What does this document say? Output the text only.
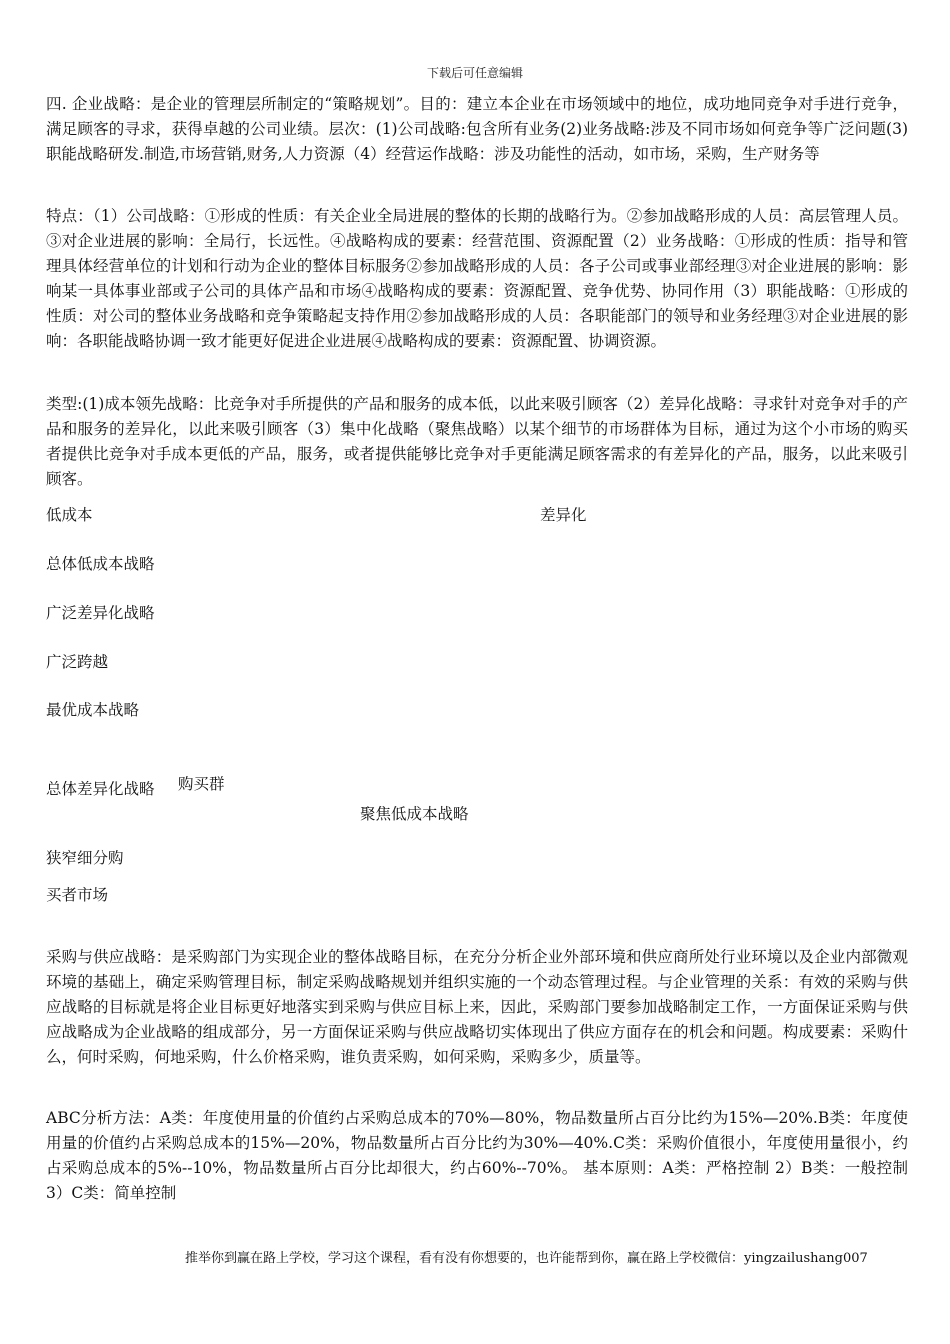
下载后可任意编辑

四. 企业战略：是企业的管理层所制定的“策略规划”。目的：建立本企业在市场领域中的地位，成功地同竞争对手进行竞争，满足顾客的寻求，获得卓越的公司业绩。层次：(1)公司战略:包含所有业务(2)业务战略:涉及不同市场如何竞争等广泛问题(3)职能战略研发.制造,市场营销,财务,人力资源（4）经营运作战略：涉及功能性的活动，如市场，采购，生产财务等

特点：（1）公司战略：①形成的性质：有关企业全局进展的整体的长期的战略行为。②参加战略形成的人员：高层管理人员。③对企业进展的影响：全局行，长远性。④战略构成的要素：经营范围、资源配置（2）业务战略：①形成的性质：指导和管理具体经营单位的计划和行动为企业的整体目标服务②参加战略形成的人员：各子公司或事业部经理③对企业进展的影响：影响某一具体事业部或子公司的具体产品和市场④战略构成的要素：资源配置、竞争优势、协同作用（3）职能战略：①形成的性质：对公司的整体业务战略和竞争策略起支持作用②参加战略形成的人员：各职能部门的领导和业务经理③对企业进展的影响：各职能战略协调一致才能更好促进企业进展④战略构成的要素：资源配置、协调资源。

类型:(1)成本领先战略：比竞争对手所提供的产品和服务的成本低，以此来吸引顾客（2）差异化战略：寻求针对竞争对手的产品和服务的差异化，以此来吸引顾客（3）集中化战略（聚焦战略）以某个细节的市场群体为目标，通过为这个小市场的购买者提供比竞争对手成本更低的产品，服务，或者提供能够比竞争对手更能满足顾客需求的有差异化的产品，服务，以此来吸引顾客。

低成本	差异化
总体低成本战略
广泛差异化战略
广泛跨越
最优成本战略
总体差异化战略 购买群
聚焦低成本战略
狭窄细分购
买者市场

采购与供应战略：是采购部门为实现企业的整体战略目标，在充分分析企业外部环境和供应商所处行业环境以及企业内部微观环境的基础上，确定采购管理目标，制定采购战略规划并组织实施的一个动态管理过程。与企业管理的关系：有效的采购与供应战略的目标就是将企业目标更好地落实到采购与供应目标上来，因此，采购部门要参加战略制定工作，一方面保证采购与供应战略成为企业战略的组成部分，另一方面保证采购与供应战略切实体现出了供应方面存在的机会和问题。构成要素：采购什么，何时采购，何地采购，什么价格采购，谁负责采购，如何采购，采购多少，质量等。

ABC分析方法：A类：年度使用量的价值约占采购总成本的70%—80%，物品数量所占百分比约为15%—20%.B类：年度使用量的价值约占采购总成本的15%—20%，物品数量所占百分比约为30%—40%.C类：采购价值很小，年度使用量很小，约占采购总成本的5%--10%，物品数量所占百分比却很大，约占60%--70%。 基本原则：A类：严格控制 2）B类：一般控制 3）C类：简单控制

推举你到赢在路上学校，学习这个课程，看有没有你想要的，也许能帮到你，赢在路上学校微信：yingzailushang007
